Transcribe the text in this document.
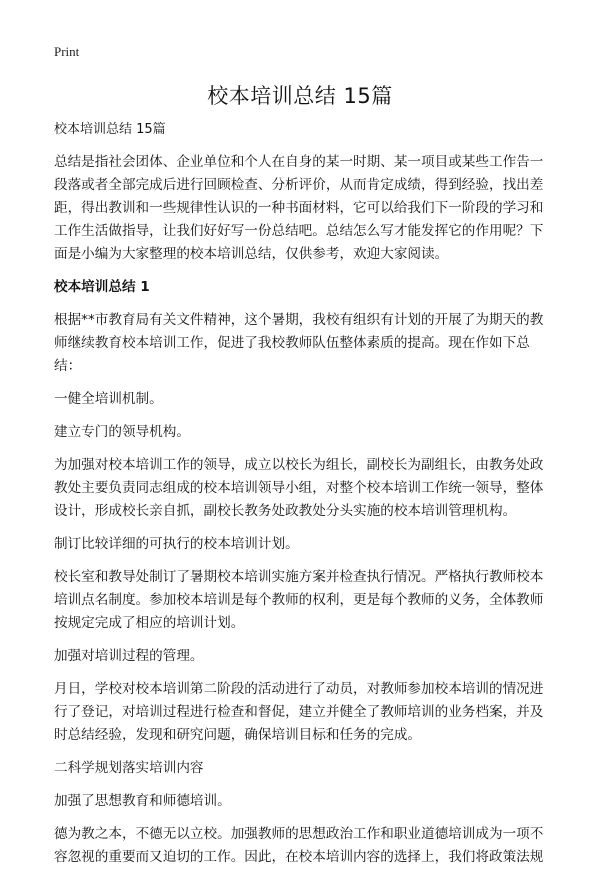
Print
校本培训总结 15篇

校本培训总结 15篇

总结是指社会团体、企业单位和个人在自身的某一时期、某一项目或某些工作告一段落或者全部完成后进行回顾检查、分析评价，从而肯定成绩，得到经验，找出差距，得出教训和一些规律性认识的一种书面材料，它可以给我们下一阶段的学习和工作生活做指导，让我们好好写一份总结吧。总结怎么写才能发挥它的作用呢？下面是小编为大家整理的校本培训总结，仅供参考，欢迎大家阅读。

校本培训总结 1

根据**市教育局有关文件精神，这个暑期，我校有组织有计划的开展了为期天的教师继续教育校本培训工作，促进了我校教师队伍整体素质的提高。现在作如下总结：

一健全培训机制。

建立专门的领导机构。

为加强对校本培训工作的领导，成立以校长为组长，副校长为副组长，由教务处政教处主要负责同志组成的校本培训领导小组，对整个校本培训工作统一领导，整体设计，形成校长亲自抓，副校长教务处政教处分头实施的校本培训管理机构。

制订比较详细的可执行的校本培训计划。

校长室和教导处制订了暑期校本培训实施方案并检查执行情况。严格执行教师校本培训点名制度。参加校本培训是每个教师的权利，更是每个教师的义务，全体教师按规定完成了相应的培训计划。

加强对培训过程的管理。

月日，学校对校本培训第二阶段的活动进行了动员，对教师参加校本培训的情况进行了登记，对培训过程进行检查和督促，建立并健全了教师培训的业务档案，并及时总结经验，发现和研究问题，确保培训目标和任务的完成。

二科学规划落实培训内容

加强了思想教育和师德培训。

德为教之本，不德无以立校。加强教师的思想政治工作和职业道德培训成为一项不容忽视的重要而又迫切的工作。因此，在校本培训内容的选择上，我们将政策法规
